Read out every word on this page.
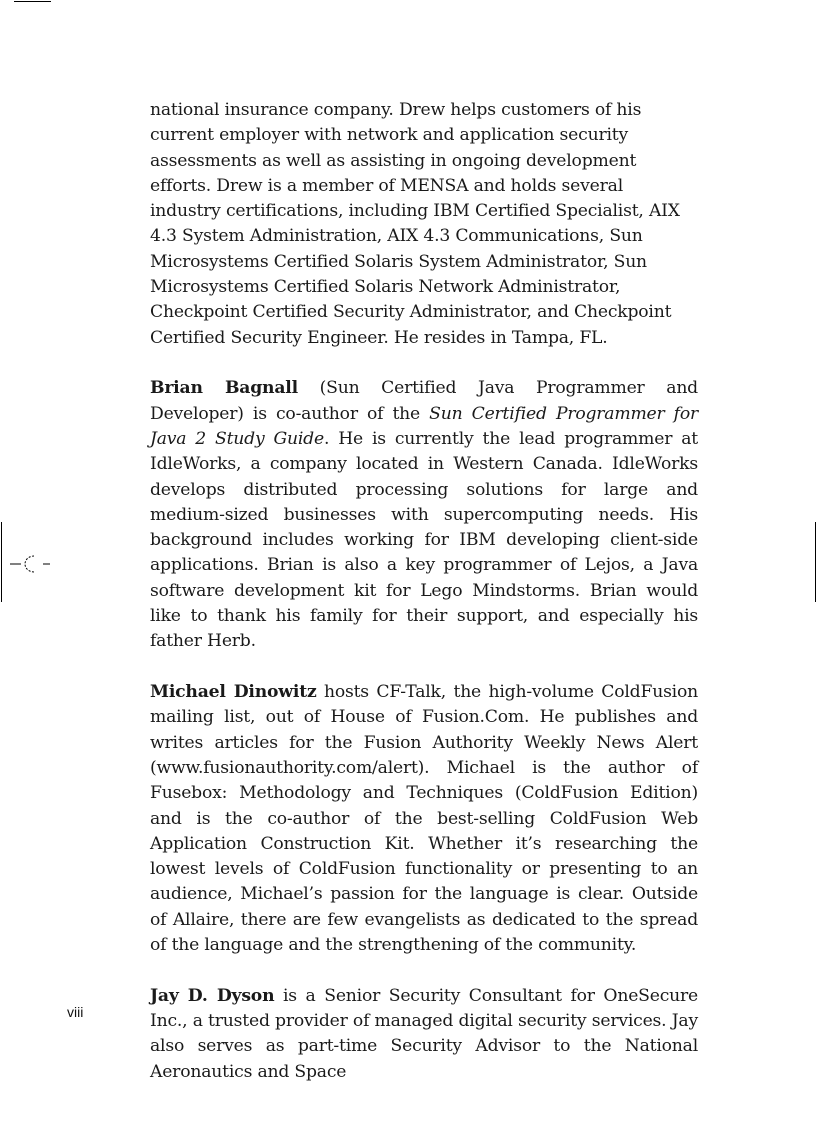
national insurance company. Drew helps customers of his current employer with network and application security assessments as well as assisting in ongoing development efforts. Drew is a member of MENSA and holds several industry certifications, including IBM Certified Specialist, AIX 4.3 System Administration, AIX 4.3 Communications, Sun Microsystems Certified Solaris System Administrator, Sun Microsystems Certified Solaris Network Administrator, Checkpoint Certified Security Administrator, and Checkpoint Certified Security Engineer. He resides in Tampa, FL.

Brian Bagnall (Sun Certified Java Programmer and Developer) is co-author of the Sun Certified Programmer for Java 2 Study Guide. He is currently the lead programmer at IdleWorks, a company located in Western Canada. IdleWorks develops distributed processing solutions for large and medium-sized businesses with supercomputing needs. His background includes working for IBM developing client-side applications. Brian is also a key programmer of Lejos, a Java software development kit for Lego Mindstorms. Brian would like to thank his family for their support, and especially his father Herb.

Michael Dinowitz hosts CF-Talk, the high-volume ColdFusion mailing list, out of House of Fusion.Com. He publishes and writes articles for the Fusion Authority Weekly News Alert (www.fusionauthority.com/alert). Michael is the author of Fusebox: Methodology and Techniques (ColdFusion Edition) and is the co-author of the best-selling ColdFusion Web Application Construction Kit. Whether it’s researching the lowest levels of ColdFusion functionality or presenting to an audience, Michael’s passion for the language is clear. Outside of Allaire, there are few evangelists as dedicated to the spread of the language and the strengthening of the community.

Jay D. Dyson is a Senior Security Consultant for OneSecure Inc., a trusted provider of managed digital security services. Jay also serves as part-time Security Advisor to the National Aeronautics and Space

viii
